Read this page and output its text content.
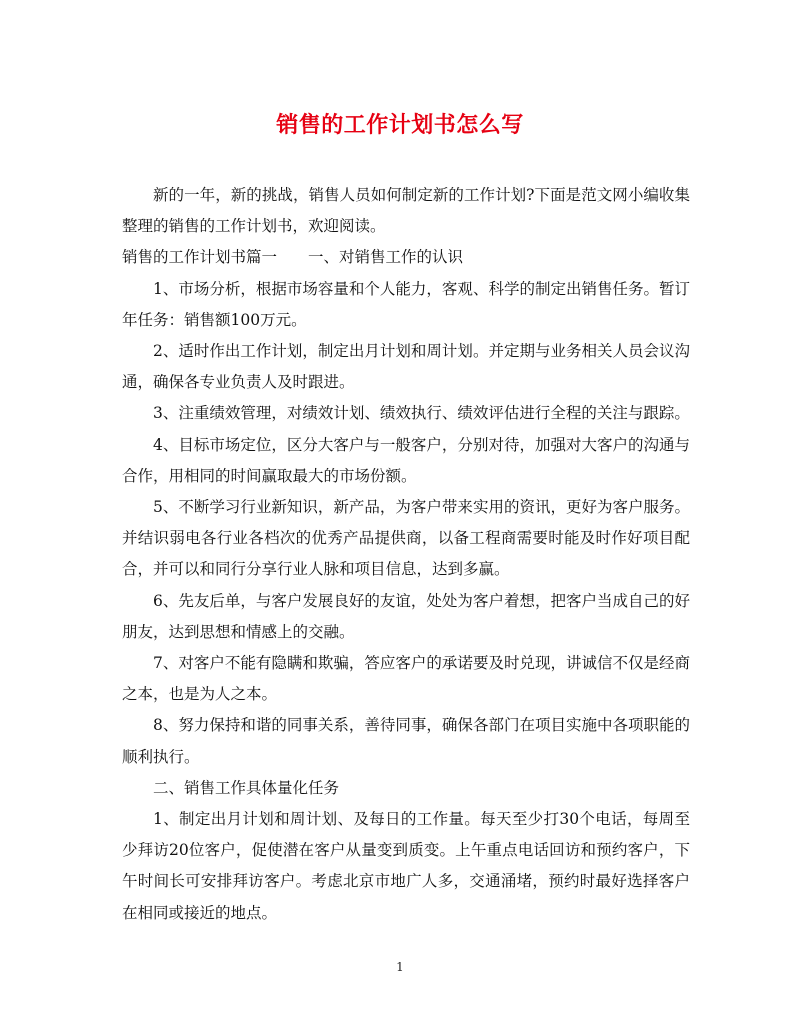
销售的工作计划书怎么写

新的一年，新的挑战，销售人员如何制定新的工作计划?下面是范文网小编收集整理的销售的工作计划书，欢迎阅读。

销售的工作计划书篇一　　一、对销售工作的认识

1、市场分析，根据市场容量和个人能力，客观、科学的制定出销售任务。暂订年任务：销售额100万元。

2、适时作出工作计划，制定出月计划和周计划。并定期与业务相关人员会议沟通，确保各专业负责人及时跟进。

3、注重绩效管理，对绩效计划、绩效执行、绩效评估进行全程的关注与跟踪。

4、目标市场定位，区分大客户与一般客户，分别对待，加强对大客户的沟通与合作，用相同的时间赢取最大的市场份额。

5、不断学习行业新知识，新产品，为客户带来实用的资讯，更好为客户服务。并结识弱电各行业各档次的优秀产品提供商，以备工程商需要时能及时作好项目配合，并可以和同行分享行业人脉和项目信息，达到多赢。

6、先友后单，与客户发展良好的友谊，处处为客户着想，把客户当成自己的好朋友，达到思想和情感上的交融。

7、对客户不能有隐瞒和欺骗，答应客户的承诺要及时兑现，讲诚信不仅是经商之本，也是为人之本。

8、努力保持和谐的同事关系，善待同事，确保各部门在项目实施中各项职能的顺利执行。

二、销售工作具体量化任务

1、制定出月计划和周计划、及每日的工作量。每天至少打30个电话，每周至少拜访20位客户，促使潜在客户从量变到质变。上午重点电话回访和预约客户，下午时间长可安排拜访客户。考虑北京市地广人多，交通涌堵，预约时最好选择客户在相同或接近的地点。

1
